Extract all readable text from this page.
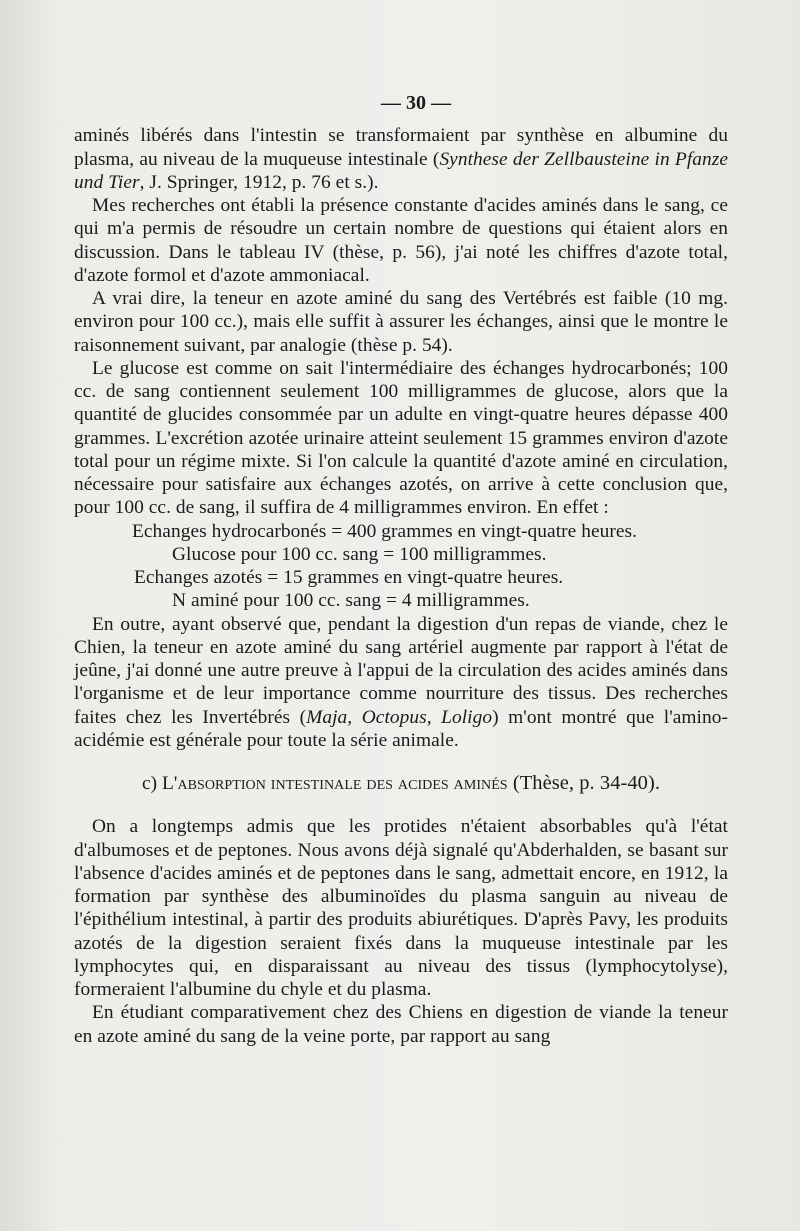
— 30 —

aminés libérés dans l'intestin se transformaient par synthèse en albumine du plasma, au niveau de la muqueuse intestinale (Synthese der Zellbausteine in Pfanze und Tier, J. Springer, 1912, p. 76 et s.).

Mes recherches ont établi la présence constante d'acides aminés dans le sang, ce qui m'a permis de résoudre un certain nombre de questions qui étaient alors en discussion. Dans le tableau IV (thèse, p. 56), j'ai noté les chiffres d'azote total, d'azote formol et d'azote ammoniacal.

A vrai dire, la teneur en azote aminé du sang des Vertébrés est faible (10 mg. environ pour 100 cc.), mais elle suffit à assurer les échanges, ainsi que le montre le raisonnement suivant, par analogie (thèse p. 54).

Le glucose est comme on sait l'intermédiaire des échanges hydrocarbonés; 100 cc. de sang contiennent seulement 100 milligrammes de glucose, alors que la quantité de glucides consommée par un adulte en vingt-quatre heures dépasse 400 grammes. L'excrétion azotée urinaire atteint seulement 15 grammes environ d'azote total pour un régime mixte. Si l'on calcule la quantité d'azote aminé en circulation, nécessaire pour satisfaire aux échanges azotés, on arrive à cette conclusion que, pour 100 cc. de sang, il suffira de 4 milligrammes environ. En effet :

Echanges hydrocarbonés = 400 grammes en vingt-quatre heures.

Glucose pour 100 cc. sang = 100 milligrammes.

Echanges azotés = 15 grammes en vingt-quatre heures.

N aminé pour 100 cc. sang = 4 milligrammes.

En outre, ayant observé que, pendant la digestion d'un repas de viande, chez le Chien, la teneur en azote aminé du sang artériel augmente par rapport à l'état de jeûne, j'ai donné une autre preuve à l'appui de la circulation des acides aminés dans l'organisme et de leur importance comme nourriture des tissus. Des recherches faites chez les Invertébrés (Maja, Octopus, Loligo) m'ont montré que l'amino-acidémie est générale pour toute la série animale.

c) L'absorption intestinale des acides aminés (Thèse, p. 34-40).

On a longtemps admis que les protides n'étaient absorbables qu'à l'état d'albumoses et de peptones. Nous avons déjà signalé qu'Abderhalden, se basant sur l'absence d'acides aminés et de peptones dans le sang, admettait encore, en 1912, la formation par synthèse des albuminoïdes du plasma sanguin au niveau de l'épithélium intestinal, à partir des produits abiurétiques. D'après Pavy, les produits azotés de la digestion seraient fixés dans la muqueuse intestinale par les lymphocytes qui, en disparaissant au niveau des tissus (lymphocytolyse), formeraient l'albumine du chyle et du plasma.

En étudiant comparativement chez des Chiens en digestion de viande la teneur en azote aminé du sang de la veine porte, par rapport au sang
